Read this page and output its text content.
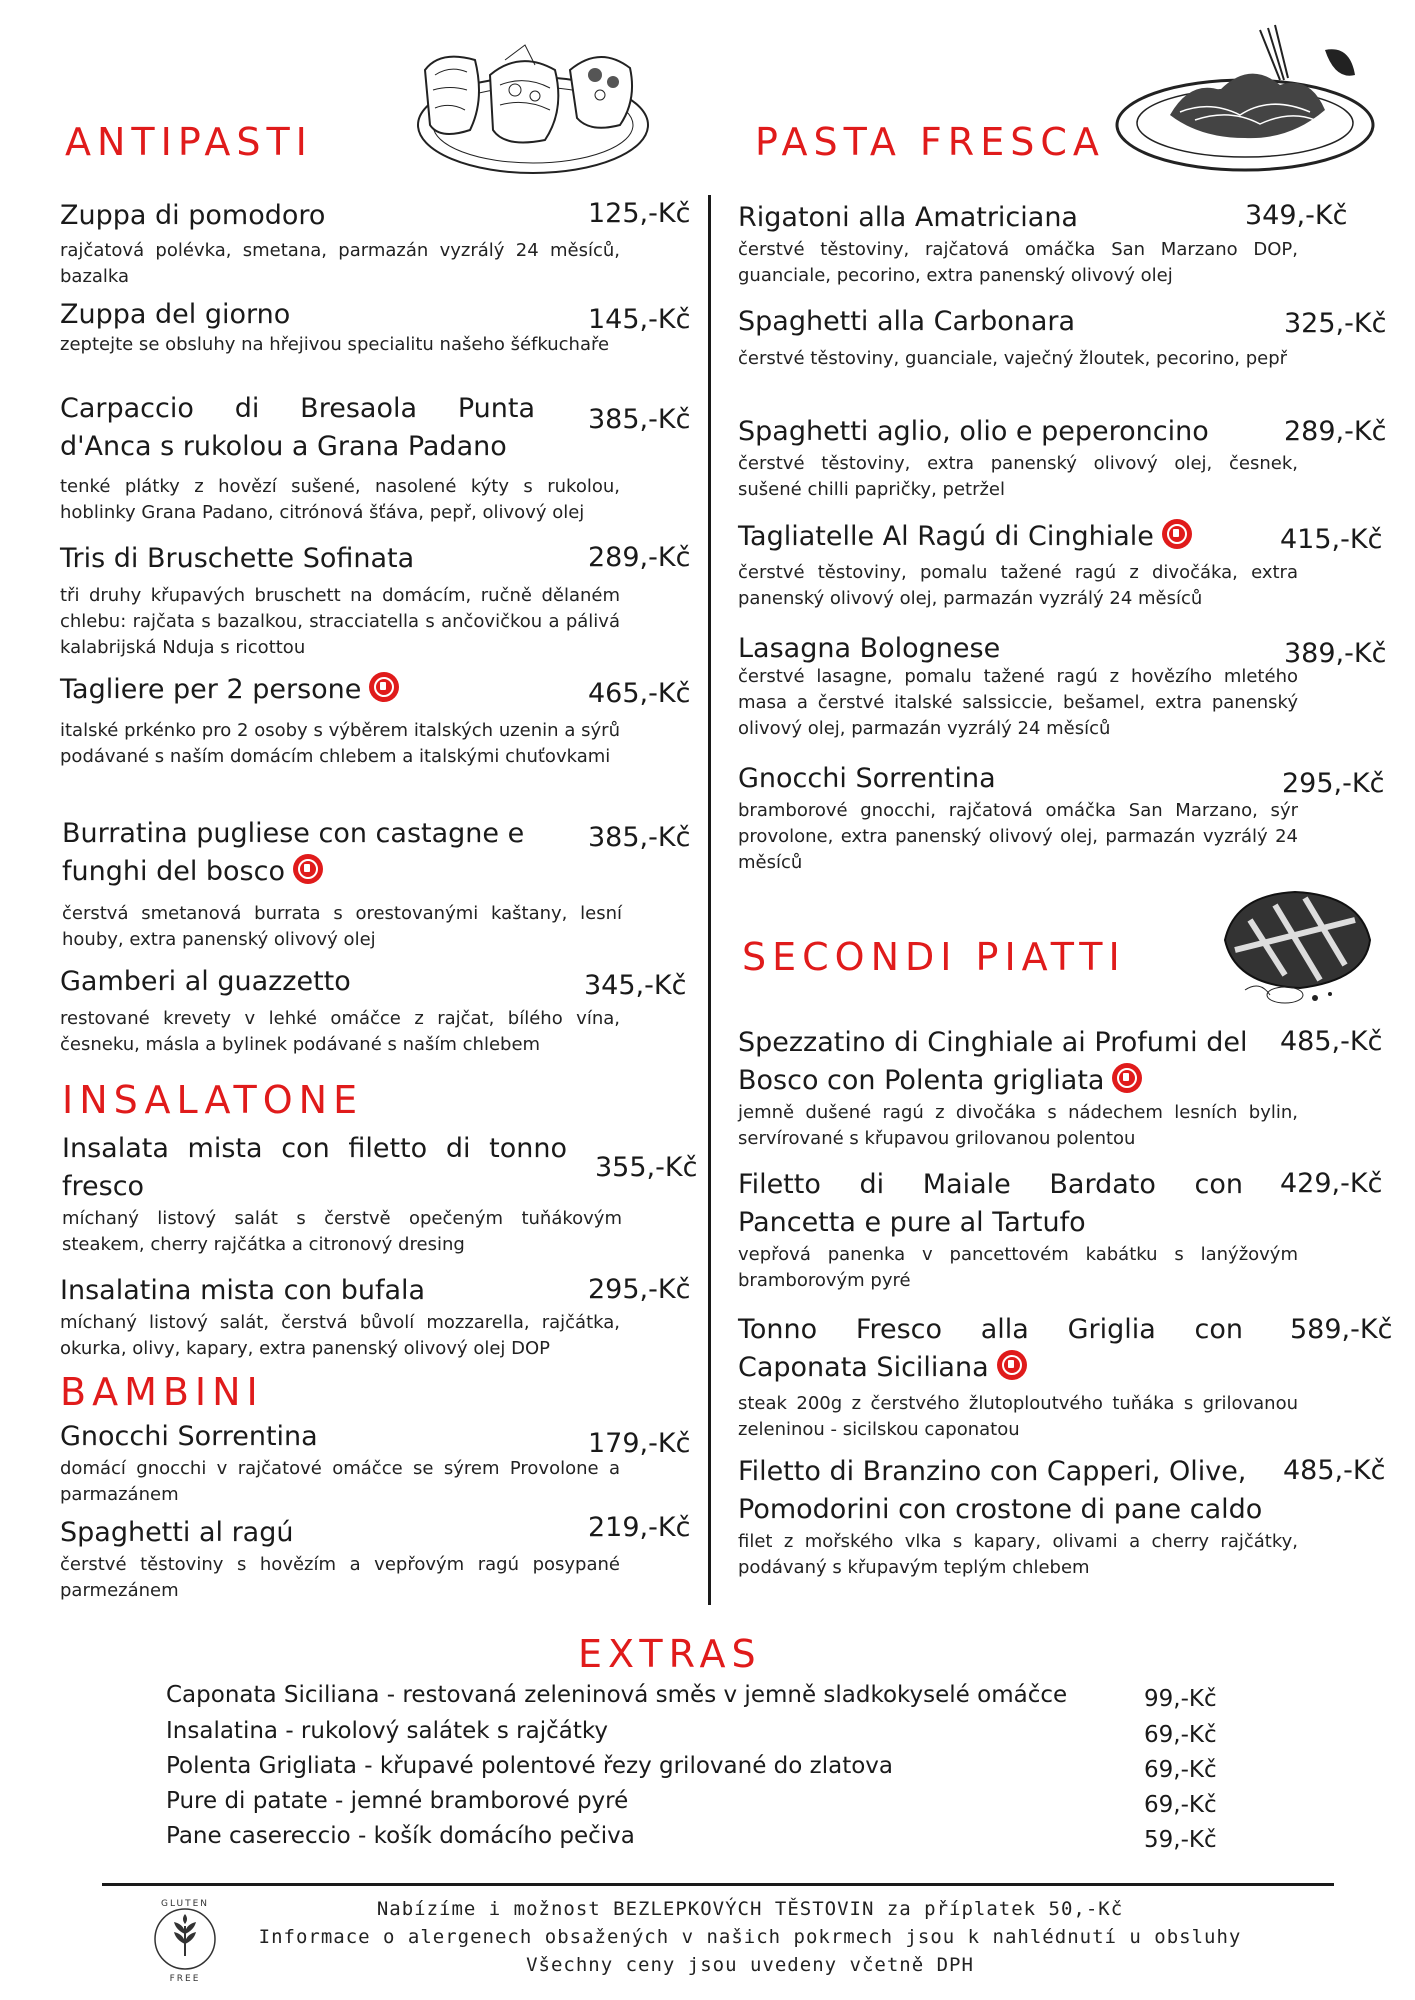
ANTIPASTI	PASTA FRESCA
INSALATONE
BAMBINI
SECONDI PIATTI
EXTRAS
Zuppa di pomodoro
rajčatová polévka, smetana, parmazán vyzrálý 24 měsíců, bazalka
125,-Kč
Zuppa del giorno
zeptejte se obsluhy na hřejivou specialitu našeho šéfkuchaře
145,-Kč
Carpaccio di Bresaola Punta d'Anca s rukolou a Grana Padano
tenké plátky z hovězí sušené, nasolené kýty s rukolou, hoblinky Grana Padano, citrónová šťáva, pepř, olivový olej
385,-Kč
Tris di Bruschette Sofinata
tři druhy křupavých bruschett na domácím, ručně dělaném chlebu: rajčata s bazalkou, stracciatella s ančovičkou a pálivá kalabrijská Nduja s ricottou
289,-Kč
Tagliere per 2 persone
italské prkénko pro 2 osoby s výběrem italských uzenin a sýrů podávané s naším domácím chlebem a italskými chuťovkami
465,-Kč
Burratina pugliese con castagne e funghi del bosco
čerstvá smetanová burrata s orestovanými kaštany, lesní houby, extra panenský olivový olej
385,-Kč
Gamberi al guazzetto
restované krevety v lehké omáčce z rajčat, bílého vína, česneku, másla a bylinek podávané s naším chlebem
345,-Kč
Insalata mista con filetto di tonno fresco
míchaný listový salát s čerstvě opečeným tuňákovým steakem, cherry rajčátka a citronový dresing
355,-Kč
Insalatina mista con bufala
míchaný listový salát, čerstvá bůvolí mozzarella, rajčátka, okurka, olivy, kapary, extra panenský olivový olej DOP
295,-Kč
Gnocchi Sorrentina
domácí gnocchi v rajčatové omáčce se sýrem Provolone a parmazánem
179,-Kč
Spaghetti al ragú
čerstvé těstoviny s hovězím a vepřovým ragú posypané parmezánem
219,-Kč
Rigatoni alla Amatriciana
čerstvé těstoviny, rajčatová omáčka San Marzano DOP, guanciale, pecorino, extra panenský olivový olej
349,-Kč
Spaghetti alla Carbonara
čerstvé těstoviny, guanciale, vaječný žloutek, pecorino, pepř
325,-Kč
Spaghetti aglio, olio e peperoncino
čerstvé těstoviny, extra panenský olivový olej, česnek, sušené chilli papričky, petržel
289,-Kč
Tagliatelle Al Ragú di Cinghiale
čerstvé těstoviny, pomalu tažené ragú z divočáka, extra panenský olivový olej, parmazán vyzrálý 24 měsíců
415,-Kč
Lasagna Bolognese
čerstvé lasagne, pomalu tažené ragú z hovězího mletého masa a čerstvé italské salssiccie, bešamel, extra panenský olivový olej, parmazán vyzrálý 24 měsíců
389,-Kč
Gnocchi Sorrentina
bramborové gnocchi, rajčatová omáčka San Marzano, sýr provolone, extra panenský olivový olej, parmazán vyzrálý 24 měsíců
295,-Kč
Spezzatino di Cinghiale ai Profumi del Bosco con Polenta grigliata
jemně dušené ragú z divočáka s nádechem lesních bylin, servírované s křupavou grilovanou polentou
485,-Kč
Filetto di Maiale Bardato con Pancetta e pure al Tartufo
vepřová panenka v pancettovém kabátku s lanýžovým bramborovým pyré
429,-Kč
Tonno Fresco alla Griglia con Caponata Siciliana
steak 200g z čerstvého žlutoploutvého tuňáka s grilovanou zeleninou - sicilskou caponatou
589,-Kč
Filetto di Branzino con Capperi, Olive, Pomodorini con crostone di pane caldo
filet z mořského vlka s kapary, olivami a cherry rajčátky, podávaný s křupavým teplým chlebem
485,-Kč
Caponata Siciliana - restovaná zeleninová směs v jemně sladkokyselé omáčce	99,-Kč
Insalatina - rukolový salátek s rajčátky	69,-Kč
Polenta Grigliata - křupavé polentové řezy grilované do zlatova	69,-Kč
Pure di patate - jemné bramborové pyré	69,-Kč
Pane casereccio - košík domácího pečiva	59,-Kč
GLUTEN
FREE
Nabízíme i možnost BEZLEPKOVÝCH TĚSTOVIN za příplatek 50,-Kč
Informace o alergenech obsažených v našich pokrmech jsou k nahlédnutí u obsluhy
Všechny ceny jsou uvedeny včetně DPH
